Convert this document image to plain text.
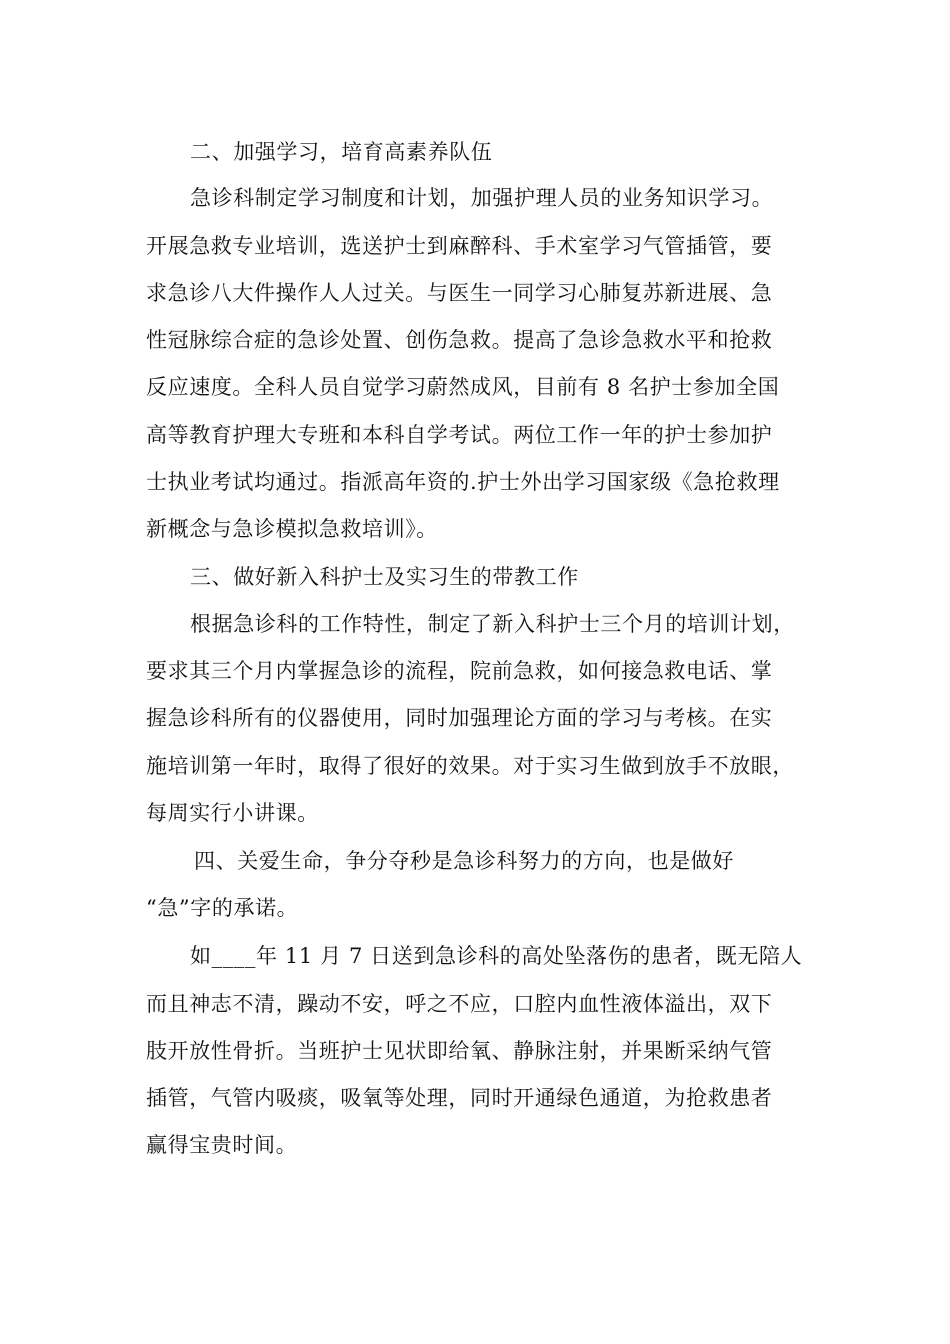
二、加强学习，培育高素养队伍
急诊科制定学习制度和计划，加强护理人员的业务知识学习。
开展急救专业培训，选送护士到麻醉科、手术室学习气管插管，要
求急诊八大件操作人人过关。与医生一同学习心肺复苏新进展、急
性冠脉综合症的急诊处置、创伤急救。提高了急诊急救水平和抢救
反应速度。全科人员自觉学习蔚然成风，目前有 8 名护士参加全国
高等教育护理大专班和本科自学考试。两位工作一年的护士参加护
士执业考试均通过。指派高年资的.护士外出学习国家级《急抢救理
新概念与急诊模拟急救培训》。
三、做好新入科护士及实习生的带教工作
根据急诊科的工作特性，制定了新入科护士三个月的培训计划，
要求其三个月内掌握急诊的流程，院前急救，如何接急救电话、掌
握急诊科所有的仪器使用，同时加强理论方面的学习与考核。在实
施培训第一年时，取得了很好的效果。对于实习生做到放手不放眼，
每周实行小讲课。
四、关爱生命，争分夺秒是急诊科努力的方向，也是做好
“急”字的承诺。
如____年 11 月 7 日送到急诊科的高处坠落伤的患者，既无陪人
而且神志不清，躁动不安，呼之不应，口腔内血性液体溢出，双下
肢开放性骨折。当班护士见状即给氧、静脉注射，并果断采纳气管
插管，气管内吸痰，吸氧等处理，同时开通绿色通道，为抢救患者
赢得宝贵时间。
